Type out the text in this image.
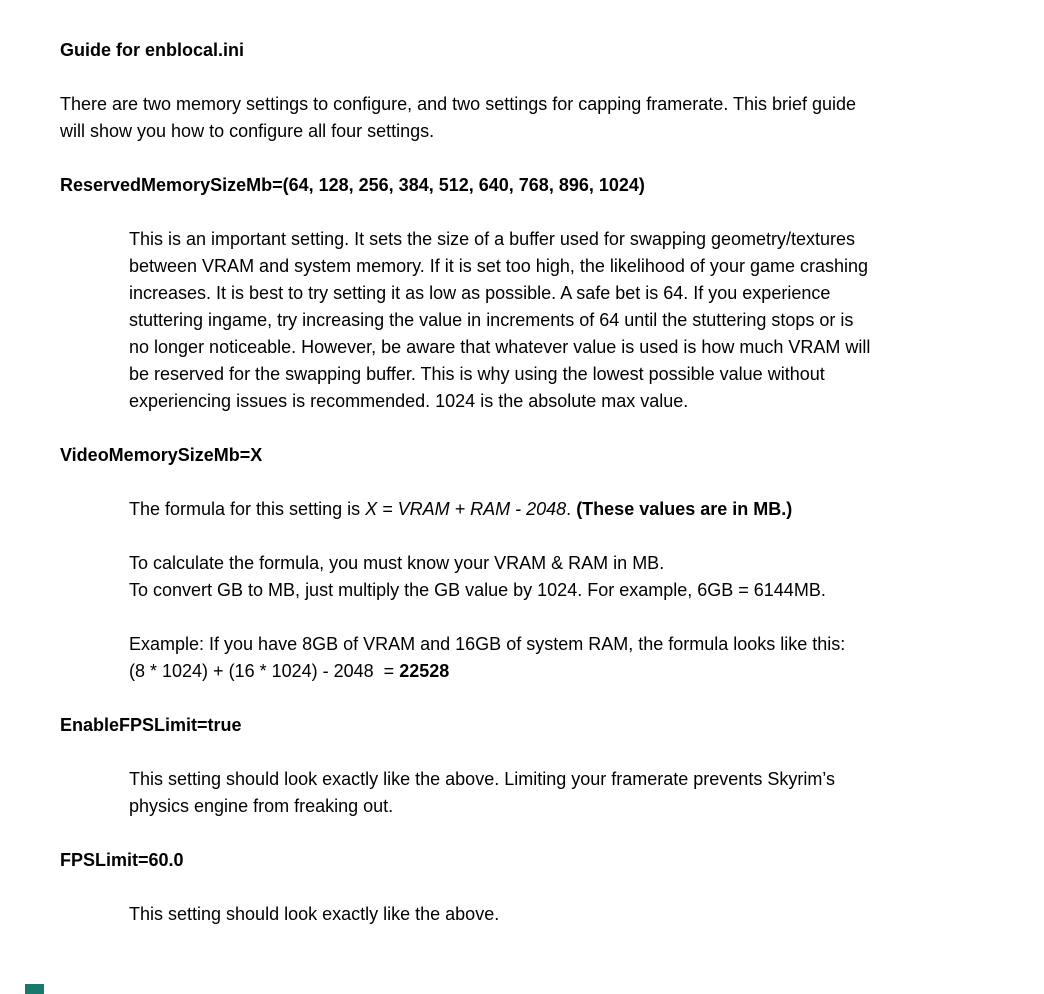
Guide for enblocal.ini
There are two memory settings to configure, and two settings for capping framerate. This brief guide
will show you how to configure all four settings.
ReservedMemorySizeMb=(64, 128, 256, 384, 512, 640, 768, 896, 1024)
This is an important setting. It sets the size of a buffer used for swapping geometry/textures
between VRAM and system memory. If it is set too high, the likelihood of your game crashing
increases. It is best to try setting it as low as possible. A safe bet is 64. If you experience
stuttering ingame, try increasing the value in increments of 64 until the stuttering stops or is
no longer noticeable. However, be aware that whatever value is used is how much VRAM will
be reserved for the swapping buffer. This is why using the lowest possible value without
experiencing issues is recommended. 1024 is the absolute max value.
VideoMemorySizeMb=X
The formula for this setting is X = VRAM + RAM - 2048. (These values are in MB.)
To calculate the formula, you must know your VRAM & RAM in MB.
To convert GB to MB, just multiply the GB value by 1024. For example, 6GB = 6144MB.
Example: If you have 8GB of VRAM and 16GB of system RAM, the formula looks like this:
(8 * 1024) + (16 * 1024) - 2048  = 22528
EnableFPSLimit=true
This setting should look exactly like the above. Limiting your framerate prevents Skyrim’s
physics engine from freaking out.
FPSLimit=60.0
This setting should look exactly like the above.
